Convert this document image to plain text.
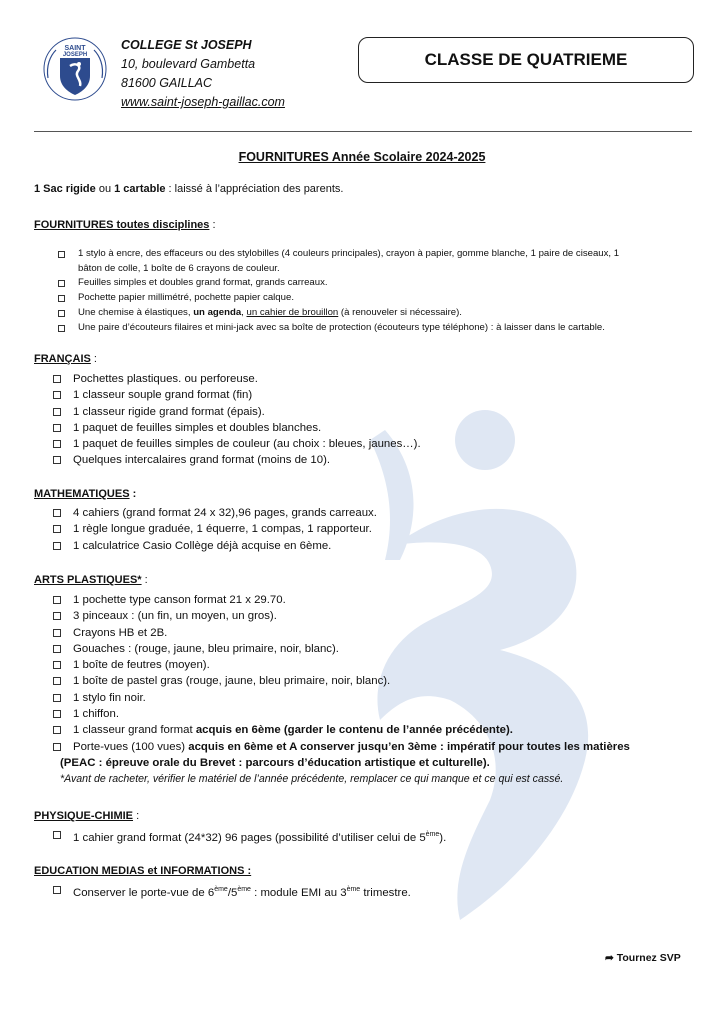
SAINT
JOSEPH
COLLEGE St JOSEPH
10, boulevard Gambetta
81600 GAILLAC
www.saint-joseph-gaillac.com
CLASSE DE QUATRIEME
FOURNITURES Année Scolaire 2024-2025
1 Sac rigide ou 1 cartable : laissé à l’appréciation des parents.
FOURNITURES toutes disciplines :
1 stylo à encre, des effaceurs ou des stylobilles (4 couleurs principales), crayon à papier, gomme blanche, 1 paire de ciseaux, 1
bâton de colle, 1 boîte de 6 crayons de couleur.
Feuilles simples et doubles grand format, grands carreaux.
Pochette papier millimétré, pochette papier calque.
Une chemise à élastiques, un agenda, un cahier de brouillon (à renouveler si nécessaire).
Une paire d’écouteurs filaires et mini-jack avec sa boîte de protection (écouteurs type téléphone) : à laisser dans le cartable.
FRANÇAIS :
Pochettes plastiques. ou perforeuse.
1 classeur souple grand format (fin)
1 classeur rigide grand format (épais).
1 paquet de feuilles simples et doubles blanches.
1 paquet de feuilles simples de couleur (au choix : bleues, jaunes…).
Quelques intercalaires grand format (moins de 10).
MATHEMATIQUES :
4 cahiers (grand format 24 x 32),96 pages, grands carreaux.
1 règle longue graduée, 1 équerre, 1 compas, 1 rapporteur.
1 calculatrice Casio Collège déjà acquise en 6ème.
ARTS PLASTIQUES* :
1 pochette type canson format 21 x 29.70.
3 pinceaux : (un fin, un moyen, un gros).
Crayons HB et 2B.
Gouaches : (rouge, jaune, bleu primaire, noir, blanc).
1 boîte de feutres (moyen).
1 boîte de pastel gras (rouge, jaune, bleu primaire, noir, blanc).
1 stylo fin noir.
1 chiffon.
1 classeur grand format acquis en 6ème (garder le contenu de l’année précédente).
Porte-vues (100 vues) acquis en 6ème et A conserver jusqu’en 3ème : impératif pour toutes les matières
(PEAC : épreuve orale du Brevet : parcours d’éducation artistique et culturelle).
*Avant de racheter, vérifier le matériel de l’année précédente, remplacer ce qui manque et ce qui est cassé.
PHYSIQUE-CHIMIE :
1 cahier grand format (24*32) 96 pages (possibilité d’utiliser celui de 5ème).
EDUCATION MEDIAS et INFORMATIONS :
Conserver le porte-vue de 6ème/5ème : module EMI au 3ème trimestre.
➦ Tournez SVP
